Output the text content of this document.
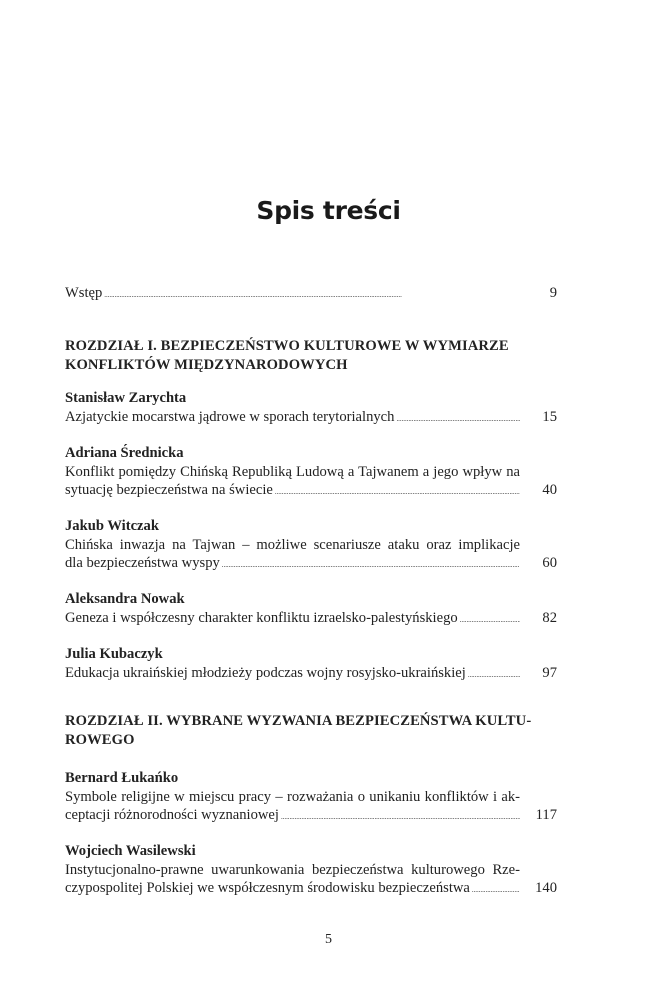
Spis treści
Wstęp . . .	9
ROZDZIAŁ I. BEZPIECZEŃSTWO KULTUROWE W WYMIARZE
KONFLIKTÓW MIĘDZYNARODOWYCH
Stanisław Zarychta
Azjatyckie mocarstwa jądrowe w sporach terytorialnych . . .	15
Adriana Średnicka
Konflikt pomiędzy Chińską Republiką Ludową a Tajwanem a jego wpływ na
sytuację bezpieczeństwa na świecie . . .	40
Jakub Witczak
Chińska inwazja na Tajwan – możliwe scenariusze ataku oraz implikacje
dla bezpieczeństwa wyspy . . .	60
Aleksandra Nowak
Geneza i współczesny charakter konfliktu izraelsko-palestyńskiego . . .	82
Julia Kubaczyk
Edukacja ukraińskiej młodzieży podczas wojny rosyjsko-ukraińskiej . . .	97
ROZDZIAŁ II. WYBRANE WYZWANIA BEZPIECZEŃSTWA KULTU-
ROWEGO
Bernard Łukańko
Symbole religijne w miejscu pracy – rozważania o unikaniu konfliktów i ak-
ceptacji różnorodności wyznaniowej . . .	117
Wojciech Wasilewski
Instytucjonalno-prawne uwarunkowania bezpieczeństwa kulturowego Rze-
czypospolitej Polskiej we współczesnym środowisku bezpieczeństwa . . .	140
5
